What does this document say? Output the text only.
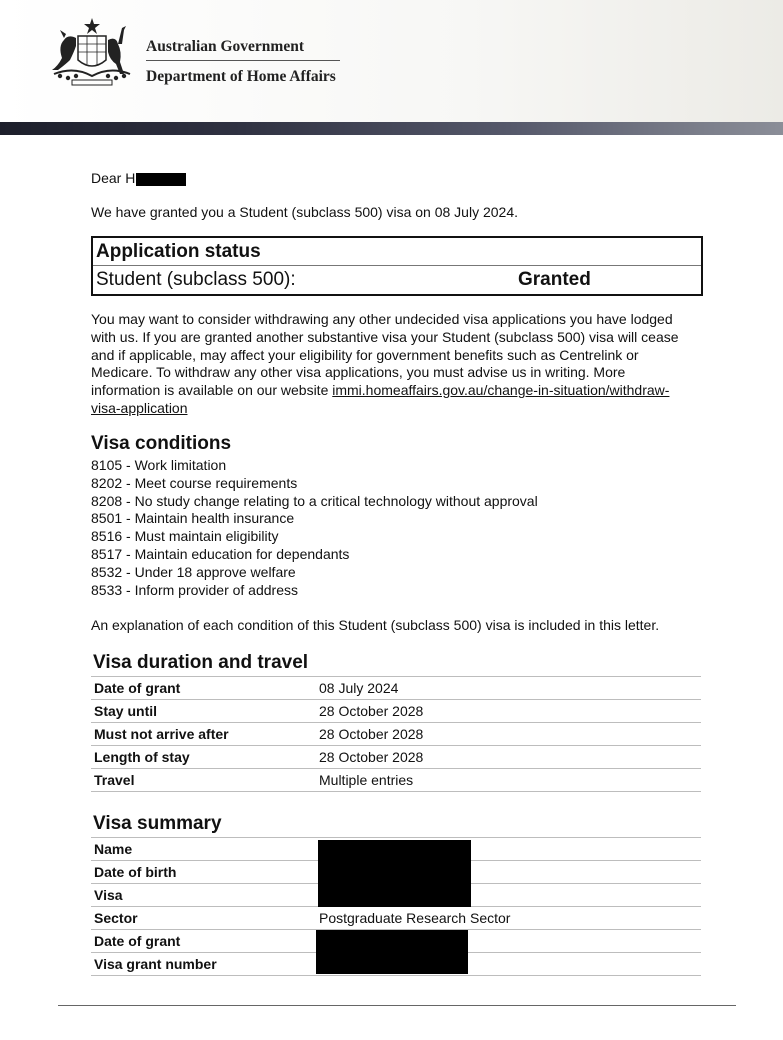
Australian Government
Department of Home Affairs
Dear H
We have granted you a Student (subclass 500) visa on 08 July 2024.
Application status
Student (subclass 500):	Granted
You may want to consider withdrawing any other undecided visa applications you have lodged with us. If you are granted another substantive visa your Student (subclass 500) visa will cease and if applicable, may affect your eligibility for government benefits such as Centrelink or Medicare. To withdraw any other visa applications, you must advise us in writing. More information is available on our website immi.homeaffairs.gov.au/change-in-situation/withdraw-visa-application
Visa conditions
8105 - Work limitation
8202 - Meet course requirements
8208 - No study change relating to a critical technology without approval
8501 - Maintain health insurance
8516 - Must maintain eligibility
8517 - Maintain education for dependants
8532 - Under 18 approve welfare
8533 - Inform provider of address
An explanation of each condition of this Student (subclass 500) visa is included in this letter.
Visa duration and travel
Date of grant	08 July 2024
Stay until	28 October 2028
Must not arrive after	28 October 2028
Length of stay	28 October 2028
Travel	Multiple entries
Visa summary
Name	
Date of birth	
Visa	
Sector	Postgraduate Research Sector
Date of grant	
Visa grant number	
